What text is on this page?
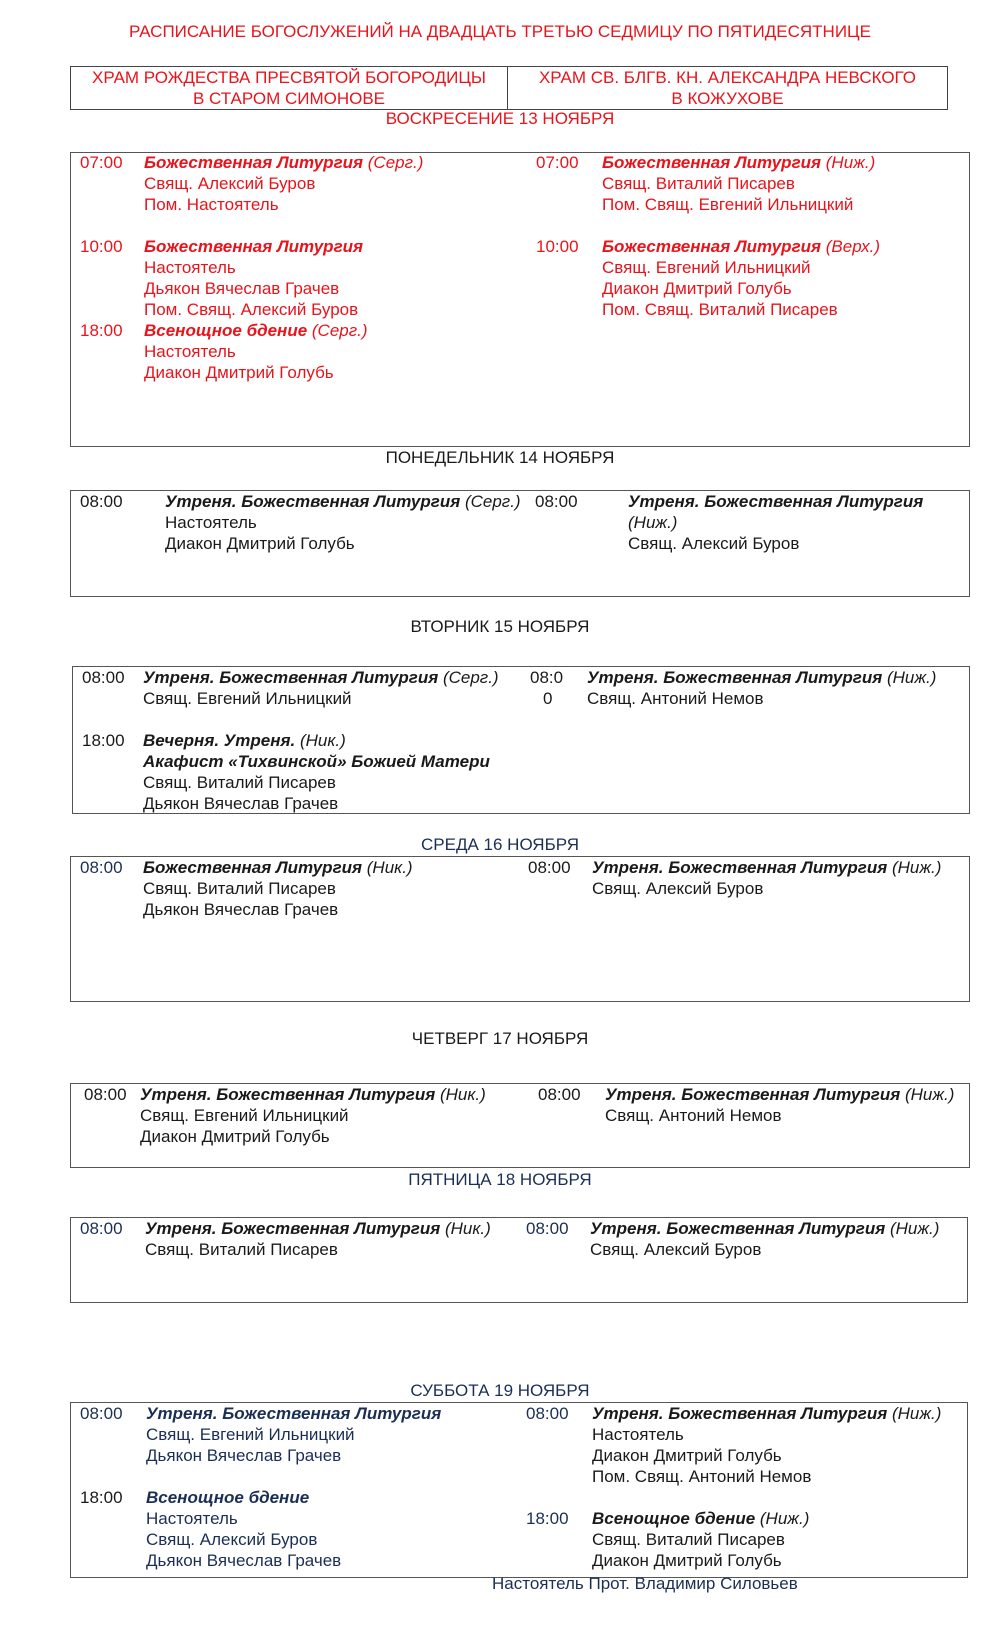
РАСПИСАНИЕ БОГОСЛУЖЕНИЙ НА ДВАДЦАТЬ ТРЕТЬЮ СЕДМИЦУ ПО ПЯТИДЕСЯТНИЦЕ
ХРАМ РОЖДЕСТВА ПРЕСВЯТОЙ БОГОРОДИЦЫ
В СТАРОМ СИМОНОВЕ
ХРАМ СВ. БЛГВ. КН. АЛЕКСАНДРА НЕВСКОГО
В КОЖУХОВЕ
ВОСКРЕСЕНИЕ 13 НОЯБРЯ
07:00 Божественная Литургия (Серг.)
Свящ. Алексий Буров
Пом. Настоятель
10:00 Божественная Литургия
Настоятель
Дьякон Вячеслав Грачев
Пом. Свящ. Алексий Буров
18:00 Всенощное бдение (Серг.)
Настоятель
Диакон Дмитрий Голубь
07:00 Божественная Литургия (Ниж.)
Свящ. Виталий Писарев
Пом. Свящ. Евгений Ильницкий
10:00 Божественная Литургия (Верх.)
Свящ. Евгений Ильницкий
Диакон Дмитрий Голубь
Пом. Свящ. Виталий Писарев
ПОНЕДЕЛЬНИК 14 НОЯБРЯ
08:00 Утреня. Божественная Литургия (Серг.)
Настоятель
Диакон Дмитрий Голубь
08:00	Утреня. Божественная Литургия
(Ниж.)
Свящ. Алексий Буров
ВТОРНИК 15 НОЯБРЯ
08:00 Утреня. Божественная Литургия (Серг.)
Свящ. Евгений Ильницкий
18:00 Вечерня. Утреня. (Ник.)
Акафист «Тихвинской» Божией Матери
Свящ. Виталий Писарев
Дьякон Вячеслав Грачев
08:0
0
Утреня. Божественная Литургия (Ниж.)
Свящ. Антоний Немов
СРЕДА 16 НОЯБРЯ
08:00 Божественная Литургия (Ник.)
Свящ. Виталий Писарев
Дьякон Вячеслав Грачев
08:00 Утреня. Божественная Литургия (Ниж.)
Свящ. Алексий Буров
ЧЕТВЕРГ 17 НОЯБРЯ
08:00 Утреня. Божественная Литургия (Ник.)
Свящ. Евгений Ильницкий
Диакон Дмитрий Голубь
08:00 Утреня. Божественная Литургия (Ниж.)
Свящ. Антоний Немов
ПЯТНИЦА 18 НОЯБРЯ
08:00 Утреня. Божественная Литургия (Ник.)
Свящ. Виталий Писарев
08:00 Утреня. Божественная Литургия (Ниж.)
Свящ. Алексий Буров
СУББОТА 19 НОЯБРЯ
08:00 Утреня. Божественная Литургия
Свящ. Евгений Ильницкий
Дьякон Вячеслав Грачев
18:00 Всенощное бдение
Настоятель
Свящ. Алексий Буров
Дьякон Вячеслав Грачев
08:00 Утреня. Божественная Литургия (Ниж.)
Настоятель
Диакон Дмитрий Голубь
Пом. Свящ. Антоний Немов
18:00 Всенощное бдение (Ниж.)
Свящ. Виталий Писарев
Диакон Дмитрий Голубь
Настоятель Прот. Владимир Силовьев
